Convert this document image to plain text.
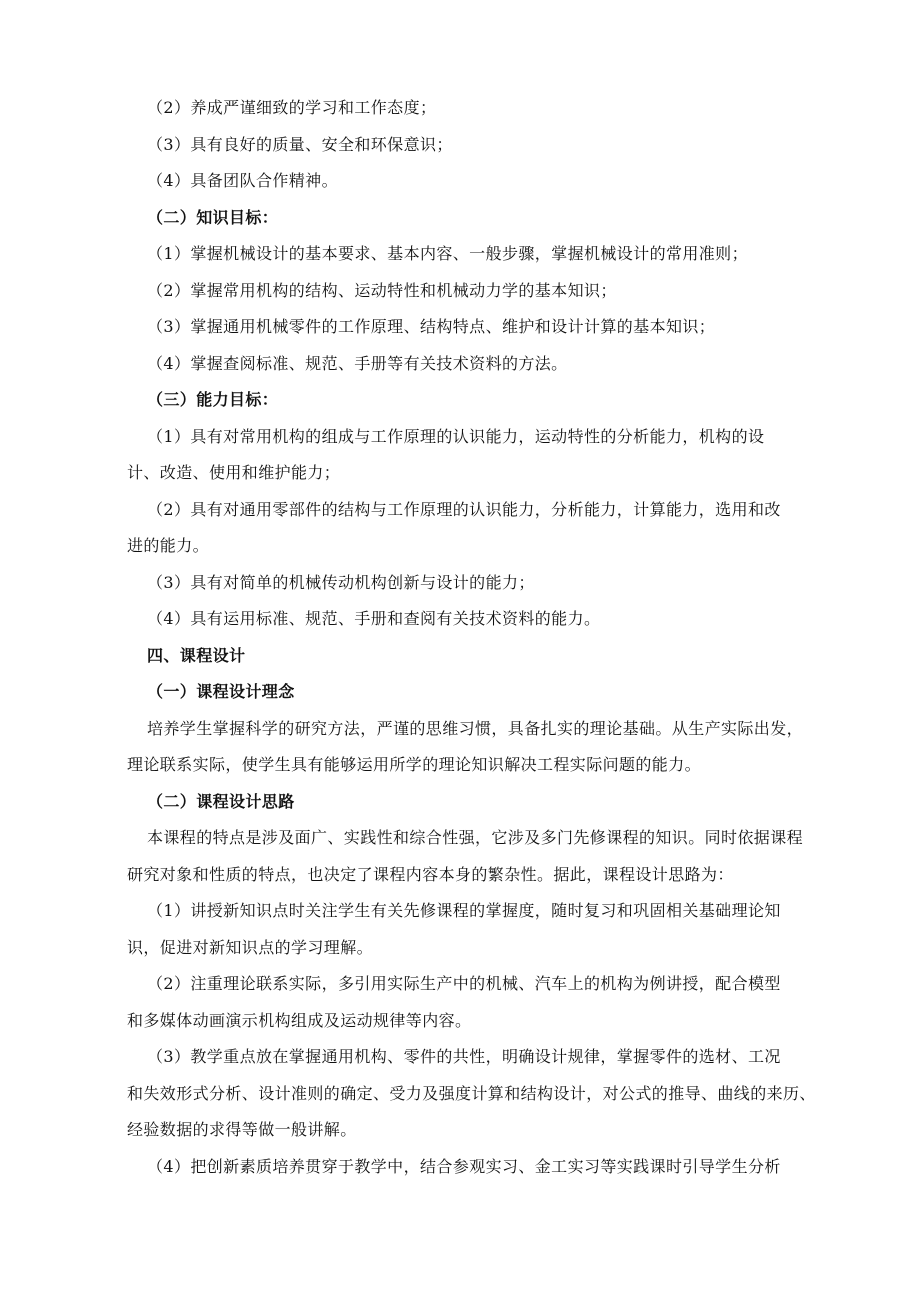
（2）养成严谨细致的学习和工作态度；
（3）具有良好的质量、安全和环保意识；
（4）具备团队合作精神。
（二）知识目标：
（1）掌握机械设计的基本要求、基本内容、一般步骤，掌握机械设计的常用准则；
（2）掌握常用机构的结构、运动特性和机械动力学的基本知识；
（3）掌握通用机械零件的工作原理、结构特点、维护和设计计算的基本知识；
（4）掌握查阅标准、规范、手册等有关技术资料的方法。
（三）能力目标：
（1）具有对常用机构的组成与工作原理的认识能力，运动特性的分析能力，机构的设
计、改造、使用和维护能力；
（2）具有对通用零部件的结构与工作原理的认识能力，分析能力，计算能力，选用和改
进的能力。
（3）具有对简单的机械传动机构创新与设计的能力；
（4）具有运用标准、规范、手册和查阅有关技术资料的能力。
四、课程设计
（一）课程设计理念
培养学生掌握科学的研究方法，严谨的思维习惯，具备扎实的理论基础。从生产实际出发，
理论联系实际，使学生具有能够运用所学的理论知识解决工程实际问题的能力。
（二）课程设计思路
本课程的特点是涉及面广、实践性和综合性强，它涉及多门先修课程的知识。同时依据课程
研究对象和性质的特点，也决定了课程内容本身的繁杂性。据此，课程设计思路为：
（1）讲授新知识点时关注学生有关先修课程的掌握度，随时复习和巩固相关基础理论知
识，促进对新知识点的学习理解。
（2）注重理论联系实际，多引用实际生产中的机械、汽车上的机构为例讲授，配合模型
和多媒体动画演示机构组成及运动规律等内容。
（3）教学重点放在掌握通用机构、零件的共性，明确设计规律，掌握零件的选材、工况
和失效形式分析、设计准则的确定、受力及强度计算和结构设计，对公式的推导、曲线的来历、
经验数据的求得等做一般讲解。
（4）把创新素质培养贯穿于教学中，结合参观实习、金工实习等实践课时引导学生分析
